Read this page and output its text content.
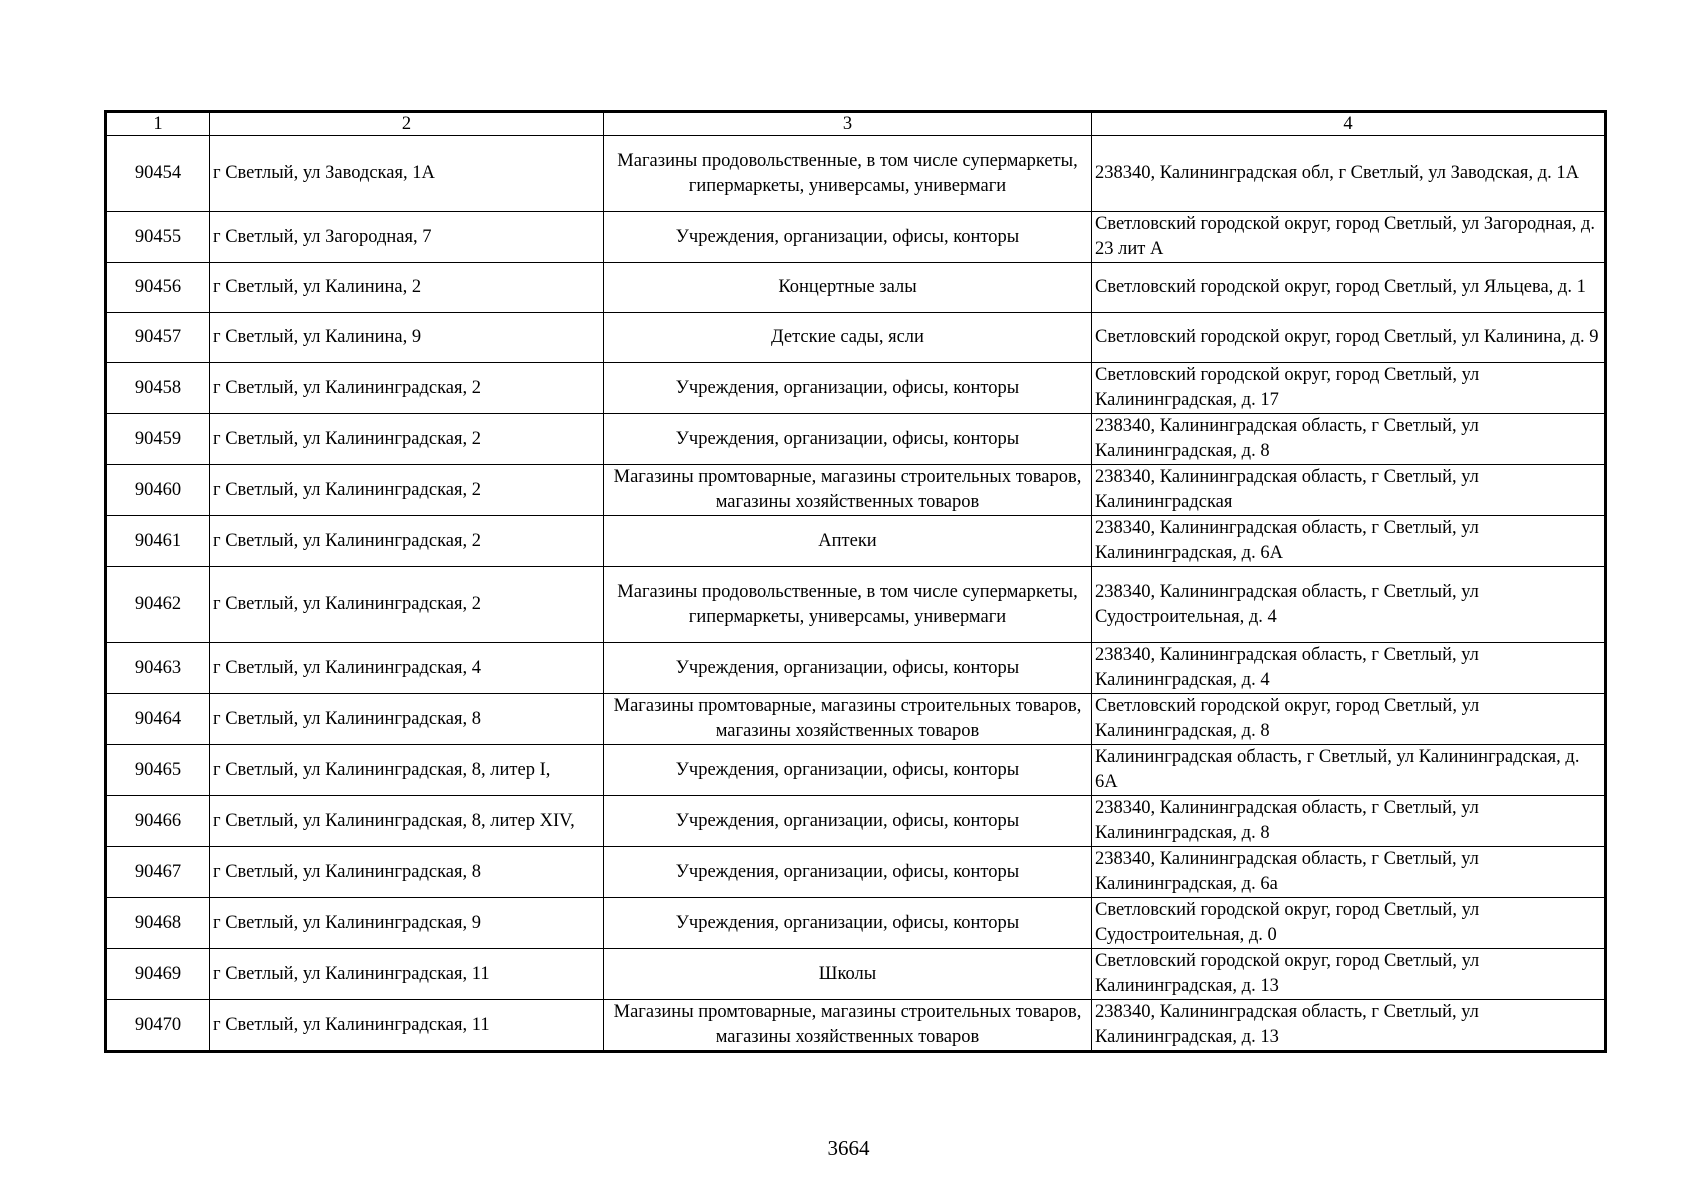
1	2	3	4
90454	г Светлый, ул Заводская, 1А	Магазины продовольственные, в том числе супермаркеты, гипермаркеты, универсамы, универмаги	238340, Калининградская обл, г Светлый, ул Заводская, д. 1А
90455	г Светлый, ул Загородная, 7	Учреждения, организации, офисы, конторы	Светловский городской округ, город Светлый, ул Загородная, д. 23 лит А
90456	г Светлый, ул Калинина, 2	Концертные залы	Светловский городской округ, город Светлый, ул Яльцева, д. 1
90457	г Светлый, ул Калинина, 9	Детские сады, ясли	Светловский городской округ, город Светлый, ул Калинина, д. 9
90458	г Светлый, ул Калининградская, 2	Учреждения, организации, офисы, конторы	Светловский городской округ, город Светлый, ул Калининградская, д. 17
90459	г Светлый, ул Калининградская, 2	Учреждения, организации, офисы, конторы	238340, Калининградская область, г Светлый, ул Калининградская, д. 8
90460	г Светлый, ул Калининградская, 2	Магазины промтоварные, магазины строительных товаров, магазины хозяйственных товаров	238340, Калининградская область, г Светлый, ул Калининградская
90461	г Светлый, ул Калининградская, 2	Аптеки	238340, Калининградская область, г Светлый, ул Калининградская, д. 6А
90462	г Светлый, ул Калининградская, 2	Магазины продовольственные, в том числе супермаркеты, гипермаркеты, универсамы, универмаги	238340, Калининградская область, г Светлый, ул Судостроительная, д. 4
90463	г Светлый, ул Калининградская, 4	Учреждения, организации, офисы, конторы	238340, Калининградская область, г Светлый, ул Калининградская, д. 4
90464	г Светлый, ул Калининградская, 8	Магазины промтоварные, магазины строительных товаров, магазины хозяйственных товаров	Светловский городской округ, город Светлый, ул Калининградская, д. 8
90465	г Светлый, ул Калининградская, 8, литер I,	Учреждения, организации, офисы, конторы	Калининградская область, г Светлый, ул Калининградская, д. 6А
90466	г Светлый, ул Калининградская, 8, литер XIV,	Учреждения, организации, офисы, конторы	238340, Калининградская область, г Светлый, ул Калининградская, д. 8
90467	г Светлый, ул Калининградская, 8	Учреждения, организации, офисы, конторы	238340, Калининградская область, г Светлый, ул Калининградская, д. 6а
90468	г Светлый, ул Калининградская, 9	Учреждения, организации, офисы, конторы	Светловский городской округ, город Светлый, ул Судостроительная, д. 0
90469	г Светлый, ул Калининградская, 11	Школы	Светловский городской округ, город Светлый, ул Калининградская, д. 13
90470	г Светлый, ул Калининградская, 11	Магазины промтоварные, магазины строительных товаров, магазины хозяйственных товаров	238340, Калининградская область, г Светлый, ул Калининградская, д. 13
3664
